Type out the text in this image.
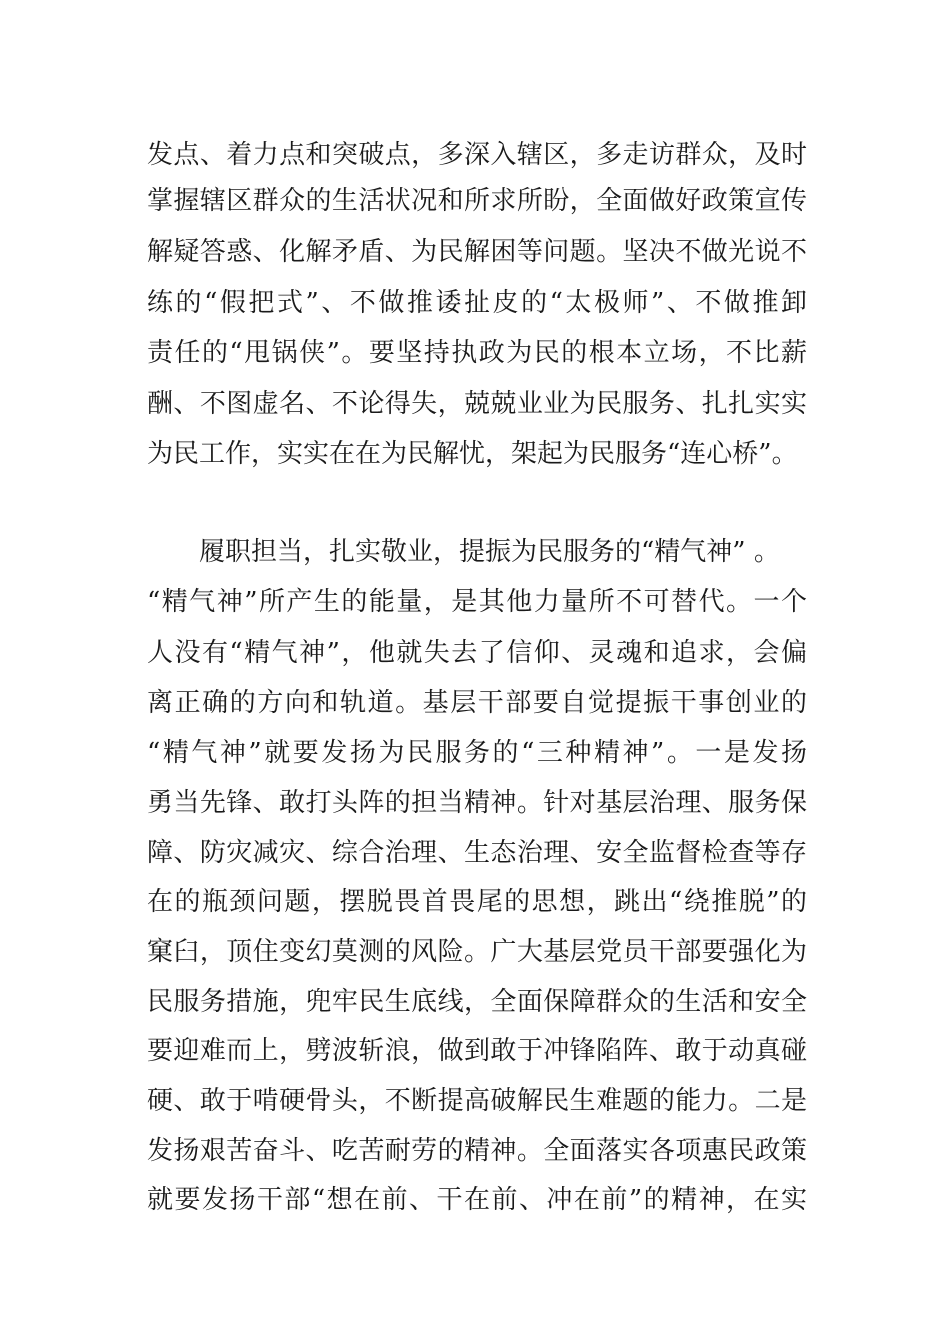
发点、着力点和突破点，多深入辖区，多走访群众，及时
掌握辖区群众的生活状况和所求所盼，全面做好政策宣传
解疑答惑、化解矛盾、为民解困等问题。坚决不做光说不
练的“假把式”、不做推诿扯皮的“太极师”、不做推卸
责任的“甩锅侠”。要坚持执政为民的根本立场，不比薪
酬、不图虚名、不论得失，兢兢业业为民服务、扎扎实实
为民工作，实实在在为民解忧，架起为民服务“连心桥”。
履职担当，扎实敬业，提振为民服务的“精气神” 。
“精气神”所产生的能量，是其他力量所不可替代。一个
人没有“精气神”，他就失去了信仰、灵魂和追求，会偏
离正确的方向和轨道。基层干部要自觉提振干事创业的
“精气神”就要发扬为民服务的“三种精神”。一是发扬
勇当先锋、敢打头阵的担当精神。针对基层治理、服务保
障、防灾减灾、综合治理、生态治理、安全监督检查等存
在的瓶颈问题，摆脱畏首畏尾的思想，跳出“绕推脱”的
窠臼，顶住变幻莫测的风险。广大基层党员干部要强化为
民服务措施，兜牢民生底线，全面保障群众的生活和安全
要迎难而上，劈波斩浪，做到敢于冲锋陷阵、敢于动真碰
硬、敢于啃硬骨头，不断提高破解民生难题的能力。二是
发扬艰苦奋斗、吃苦耐劳的精神。全面落实各项惠民政策
就要发扬干部“想在前、干在前、冲在前”的精神，在实
